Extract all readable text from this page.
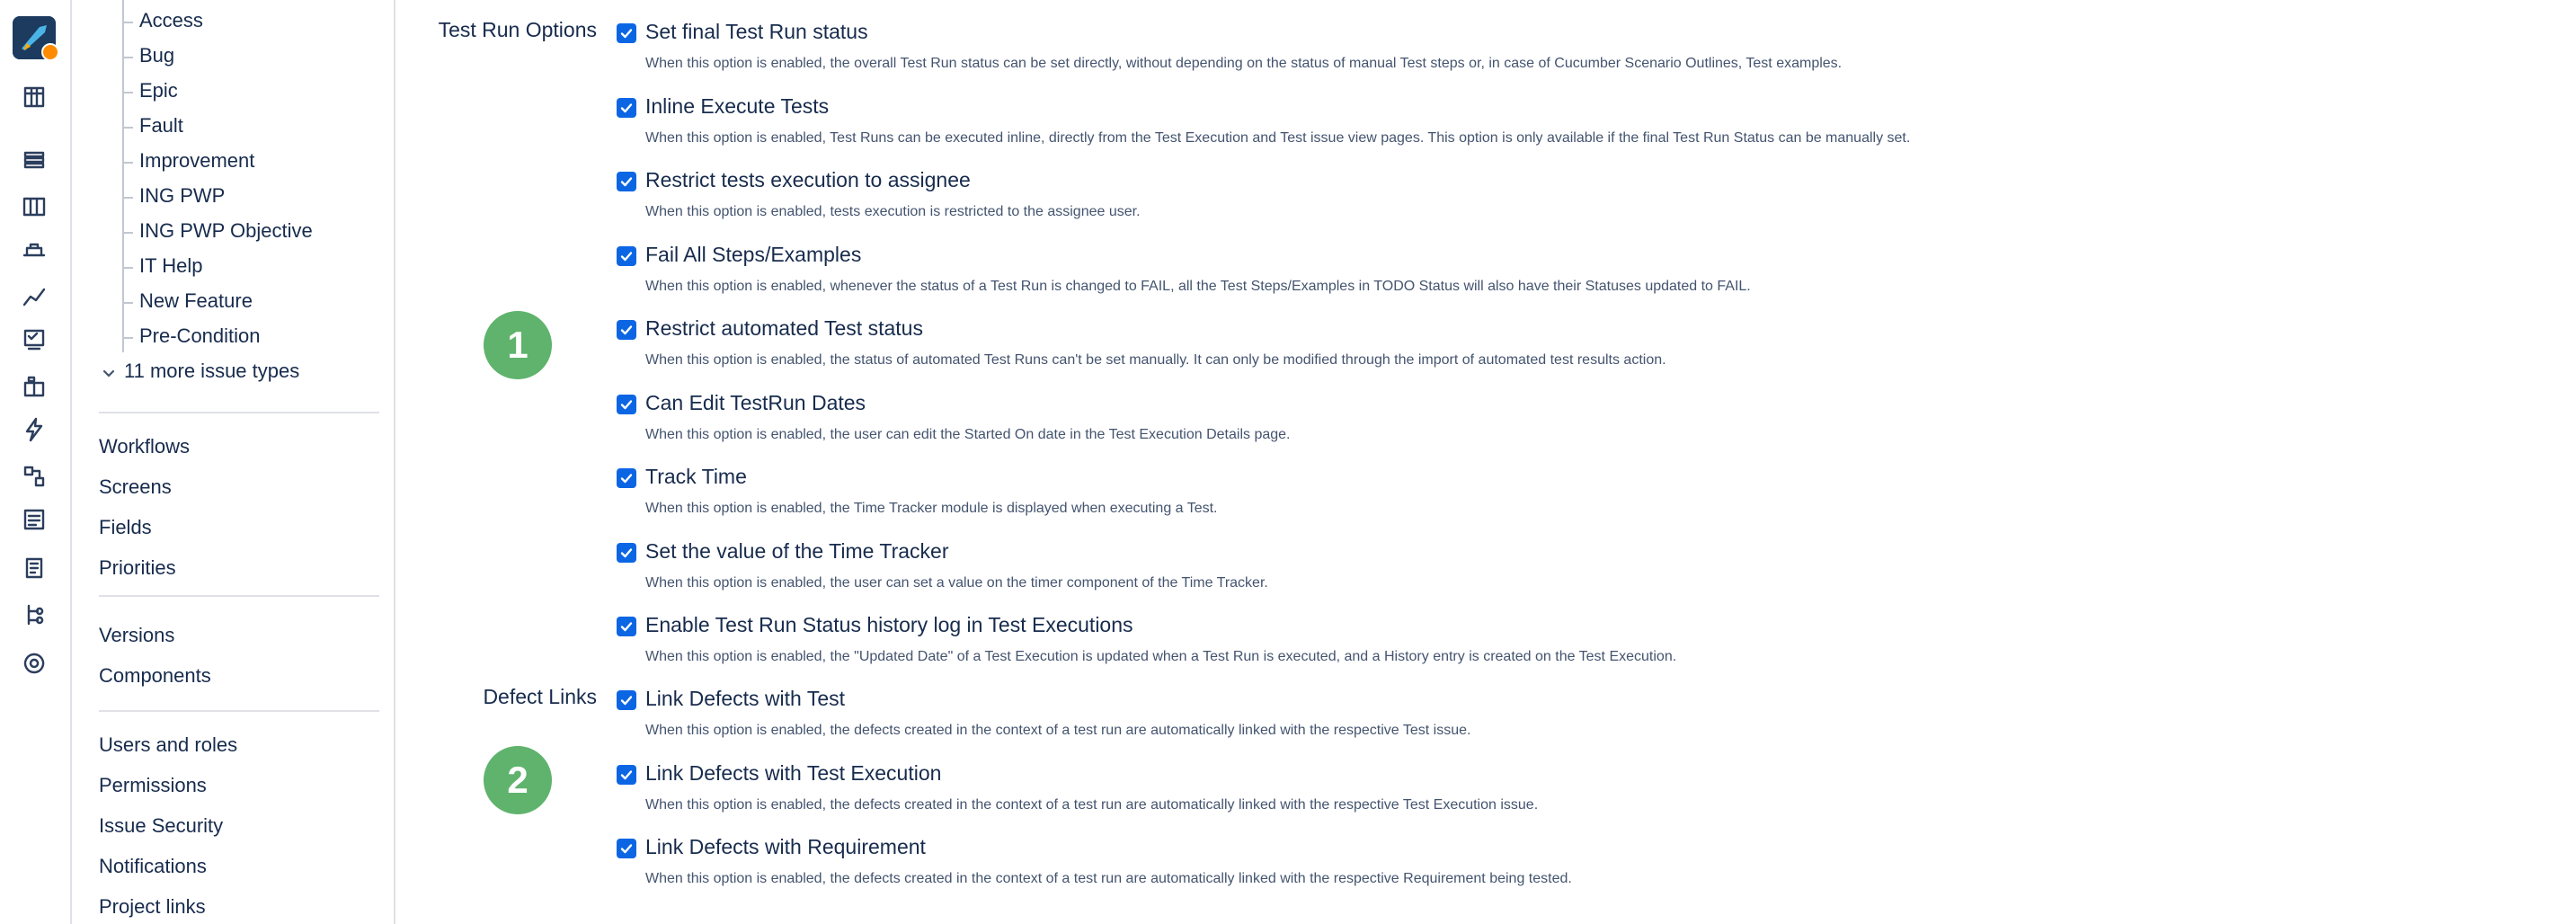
Access
Bug
Epic
Fault
Improvement
ING PWP
ING PWP Objective
IT Help
New Feature
Pre-Condition
11 more issue types
Workflows
Screens
Fields
Priorities
Versions
Components
Users and roles
Permissions
Issue Security
Notifications
Project links
Test Run Options Set final Test Run status
When this option is enabled, the overall Test Run status can be set directly, without depending on the status of manual Test steps or, in case of Cucumber Scenario Outlines, Test examples.
Inline Execute Tests
When this option is enabled, Test Runs can be executed inline, directly from the Test Execution and Test issue view pages. This option is only available if the final Test Run Status can be manually set.
Restrict tests execution to assignee
When this option is enabled, tests execution is restricted to the assignee user.
Fail All Steps/Examples
When this option is enabled, whenever the status of a Test Run is changed to FAIL, all the Test Steps/Examples in TODO Status will also have their Statuses updated to FAIL.
Restrict automated Test status
When this option is enabled, the status of automated Test Runs can't be set manually. It can only be modified through the import of automated test results action.
Can Edit TestRun Dates
When this option is enabled, the user can edit the Started On date in the Test Execution Details page.
Track Time
When this option is enabled, the Time Tracker module is displayed when executing a Test.
Set the value of the Time Tracker
When this option is enabled, the user can set a value on the timer component of the Time Tracker.
Enable Test Run Status history log in Test Executions
When this option is enabled, the "Updated Date" of a Test Execution is updated when a Test Run is executed, and a History entry is created on the Test Execution.
Defect Links Link Defects with Test
When this option is enabled, the defects created in the context of a test run are automatically linked with the respective Test issue.
Link Defects with Test Execution
When this option is enabled, the defects created in the context of a test run are automatically linked with the respective Test Execution issue.
Link Defects with Requirement
When this option is enabled, the defects created in the context of a test run are automatically linked with the respective Requirement being tested.
1
2
